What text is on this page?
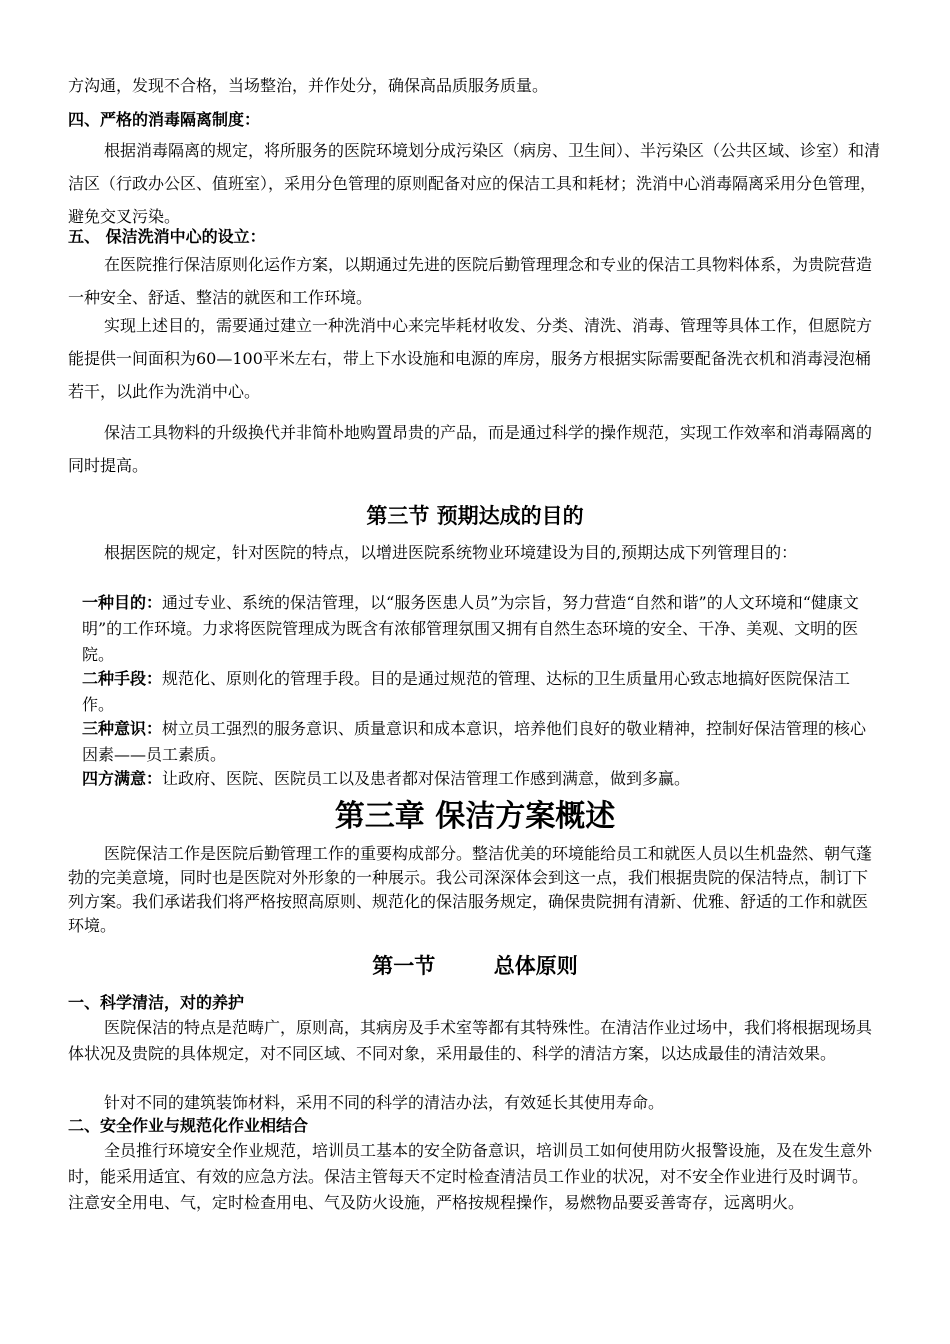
方沟通，发现不合格，当场整治，并作处分，确保高品质服务质量。

四、严格的消毒隔离制度：

根据消毒隔离的规定，将所服务的医院环境划分成污染区（病房、卫生间）、半污染区（公共区域、诊室）和清洁区（行政办公区、值班室），采用分色管理的原则配备对应的保洁工具和耗材；洗消中心消毒隔离采用分色管理，避免交叉污染。

五、 保洁洗消中心的设立：

在医院推行保洁原则化运作方案，以期通过先进的医院后勤管理理念和专业的保洁工具物料体系，为贵院营造一种安全、舒适、整洁的就医和工作环境。

实现上述目的，需要通过建立一种洗消中心来完毕耗材收发、分类、清洗、消毒、管理等具体工作，但愿院方能提供一间面积为60—100平米左右，带上下水设施和电源的库房，服务方根据实际需要配备洗衣机和消毒浸泡桶若干，以此作为洗消中心。

保洁工具物料的升级换代并非简朴地购置昂贵的产品，而是通过科学的操作规范，实现工作效率和消毒隔离的同时提高。

第三节 预期达成的目的

根据医院的规定，针对医院的特点，以增进医院系统物业环境建设为目的,预期达成下列管理目的：

一种目的：通过专业、系统的保洁管理，以“服务医患人员”为宗旨，努力营造“自然和谐”的人文环境和“健康文明”的工作环境。力求将医院管理成为既含有浓郁管理氛围又拥有自然生态环境的安全、干净、美观、文明的医院。
二种手段：规范化、原则化的管理手段。目的是通过规范的管理、达标的卫生质量用心致志地搞好医院保洁工作。
三种意识：树立员工强烈的服务意识、质量意识和成本意识，培养他们良好的敬业精神，控制好保洁管理的核心因素——员工素质。
四方满意：让政府、医院、医院员工以及患者都对保洁管理工作感到满意，做到多赢。

第三章 保洁方案概述

医院保洁工作是医院后勤管理工作的重要构成部分。整洁优美的环境能给员工和就医人员以生机盎然、朝气蓬勃的完美意境，同时也是医院对外形象的一种展示。我公司深深体会到这一点，我们根据贵院的保洁特点，制订下列方案。我们承诺我们将严格按照高原则、规范化的保洁服务规定，确保贵院拥有清新、优雅、舒适的工作和就医环境。

第一节        总体原则

一、科学清洁，对的养护

医院保洁的特点是范畴广，原则高，其病房及手术室等都有其特殊性。在清洁作业过场中，我们将根据现场具体状况及贵院的具体规定，对不同区域、不同对象，采用最佳的、科学的清洁方案，以达成最佳的清洁效果。

针对不同的建筑装饰材料，采用不同的科学的清洁办法，有效延长其使用寿命。

二、安全作业与规范化作业相结合

全员推行环境安全作业规范，培训员工基本的安全防备意识，培训员工如何使用防火报警设施，及在发生意外时，能采用适宜、有效的应急方法。保洁主管每天不定时检查清洁员工作业的状况，对不安全作业进行及时调节。注意安全用电、气，定时检查用电、气及防火设施，严格按规程操作，易燃物品要妥善寄存，远离明火。
